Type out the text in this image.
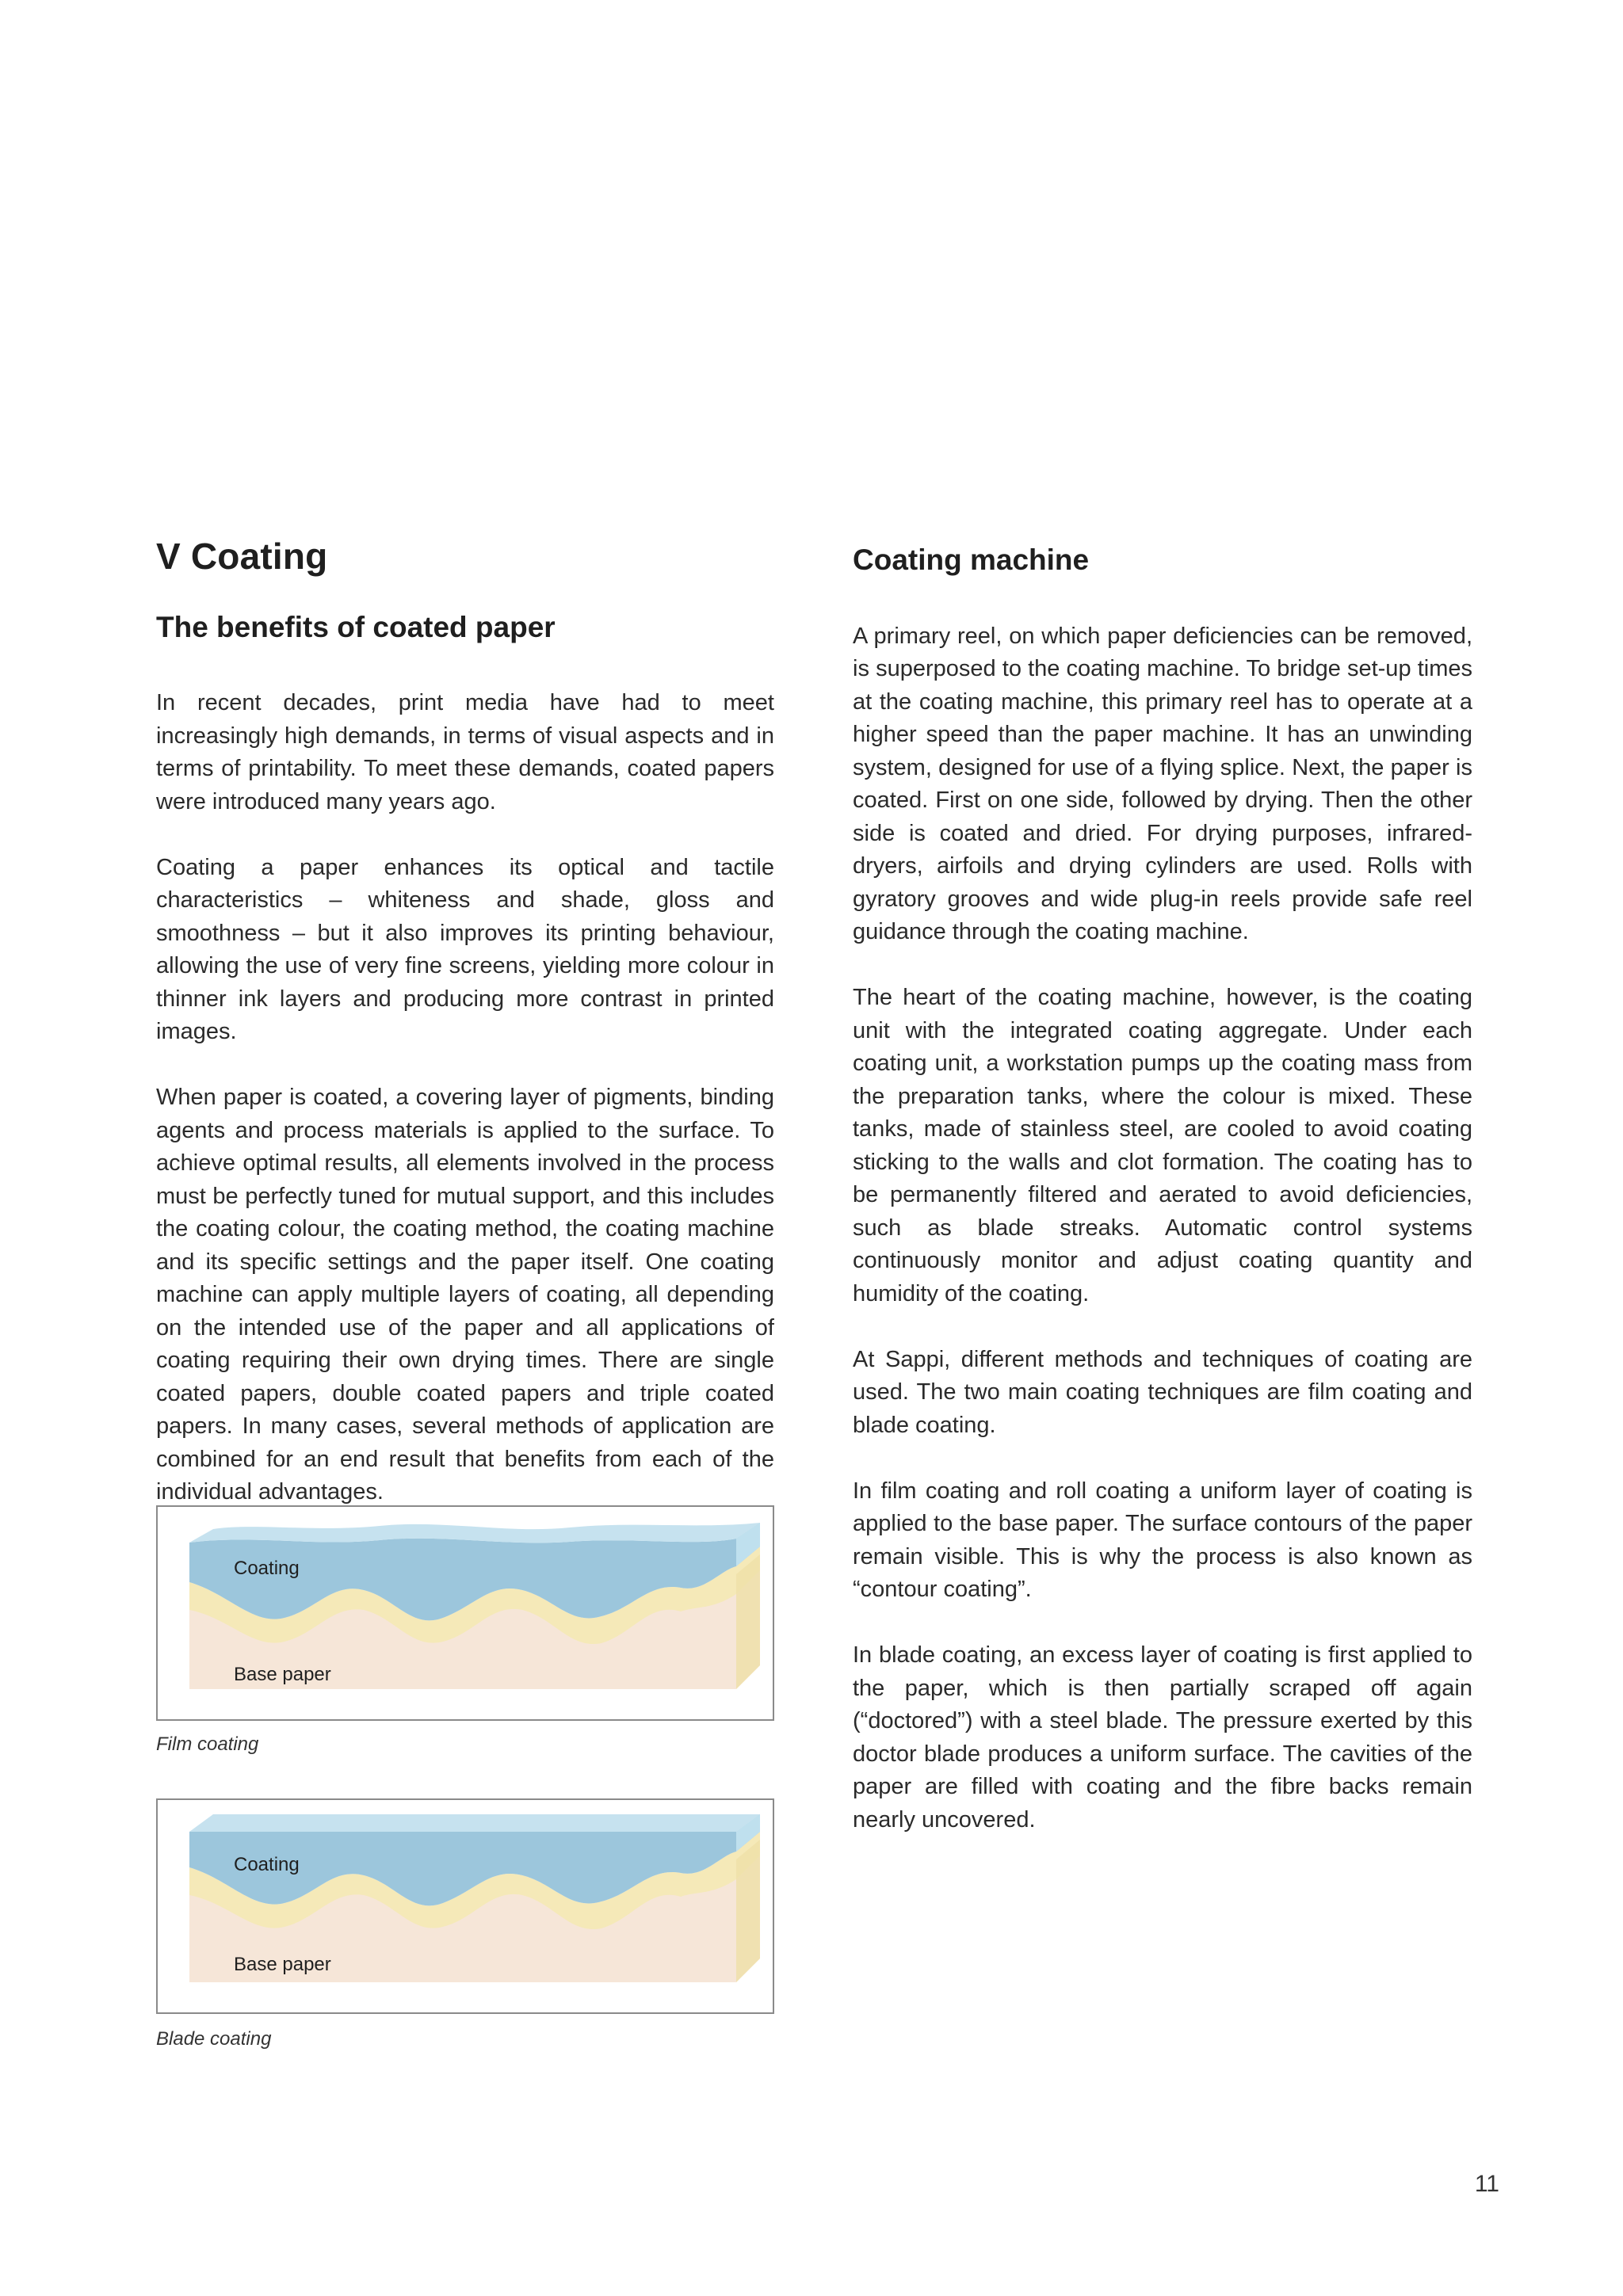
V Coating
The benefits of coated paper

In recent decades, print media have had to meet increasingly high demands, in terms of visual aspects and in terms of printability. To meet these demands, coated papers were introduced many years ago.

Coating a paper enhances its optical and tactile characteristics – whiteness and shade, gloss and smoothness – but it also improves its printing behaviour, allowing the use of very fine screens, yielding more colour in thinner ink layers and producing more contrast in printed images.

When paper is coated, a covering layer of pigments, binding agents and process materials is applied to the surface. To achieve optimal results, all elements involved in the process must be perfectly tuned for mutual support, and this includes the coating colour, the coating method, the coating machine and its specific settings and the paper itself. One coating machine can apply multiple layers of coating, all depending on the intended use of the paper and all applications of coating requiring their own drying times. There are single coated papers, double coated papers and triple coated papers. In many cases, several methods of application are combined for an end result that benefits from each of the individual advantages.

Coating
Base paper
Film coating
Coating
Base paper
Blade coating
Coating machine

A primary reel, on which paper deficiencies can be removed, is superposed to the coating machine. To bridge set-up times at the coating machine, this primary reel has to operate at a higher speed than the paper machine. It has an unwinding system, designed for use of a flying splice. Next, the paper is coated. First on one side, followed by drying. Then the other side is coated and dried. For drying purposes, infrared-dryers, airfoils and drying cylinders are used. Rolls with gyratory grooves and wide plug-in reels provide safe reel guidance through the coating machine.

The heart of the coating machine, however, is the coating unit with the integrated coating aggregate. Under each coating unit, a workstation pumps up the coating mass from the preparation tanks, where the colour is mixed. These tanks, made of stainless steel, are cooled to avoid coating sticking to the walls and clot formation. The coating has to be permanently filtered and aerated to avoid deficiencies, such as blade streaks. Automatic control systems continuously monitor and adjust coating quantity and humidity of the coating.

At Sappi, different methods and techniques of coating are used. The two main coating techniques are film coating and blade coating.

In film coating and roll coating a uniform layer of coating is applied to the base paper. The surface contours of the paper remain visible. This is why the process is also known as “contour coating”.

In blade coating, an excess layer of coating is first applied to the paper, which is then partially scraped off again (“doctored”) with a steel blade. The pressure exerted by this doctor blade produces a uniform surface. The cavities of the paper are filled with coating and the fibre backs remain nearly uncovered.

11
